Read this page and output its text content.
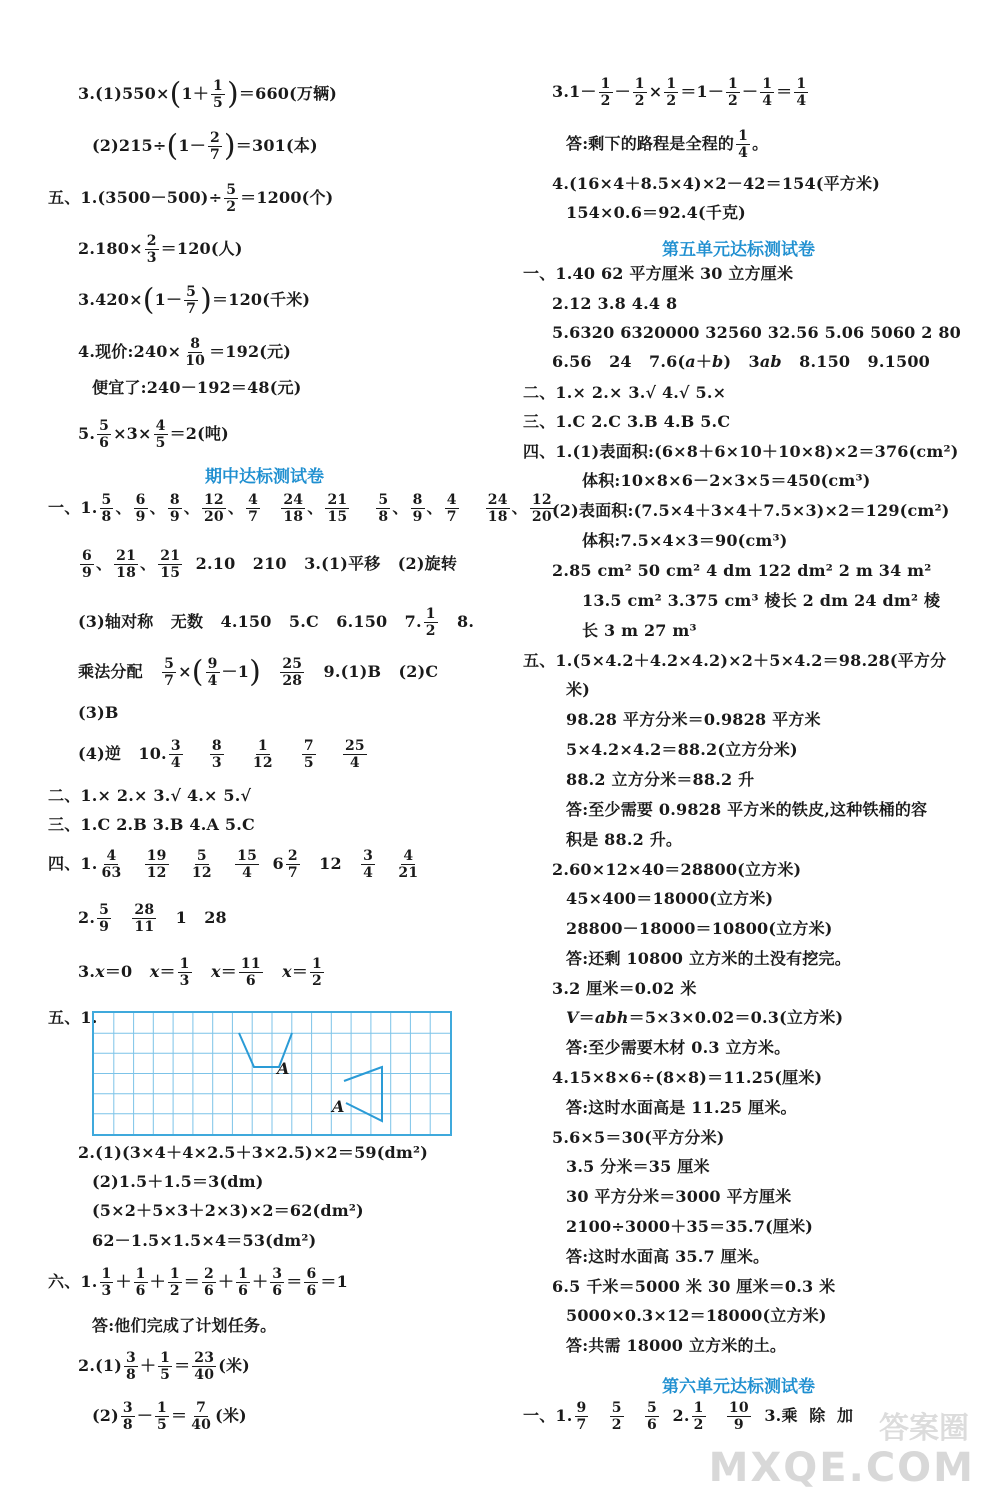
$3.(1)550\times(1+ \frac{1}{5} )=660$(万辆)
$(2)215\div(1- \frac{2}{7} )=301$(本)
五、$1.(3500-500)\div \frac{5}{2} =1200$(个)
$2.180\times \frac{2}{3} =120$(人)
$3.420\times(1- \frac{5}{7} )=120$(千米)
4.现价:240× $\frac{8}{10} =192$(元)
便宜了:240－192＝48(元)
5. $\frac{5}{6} \times 3\times \frac{4}{5} =2$(吨)
期中达标测试卷
一、1. $\frac{5}{8}$ 、 $\frac{6}{9}$ 、 $\frac{8}{9}$ 、 $\frac{12}{20}$ 、 $\frac{4}{7}$
$\frac{24}{18}$ 、 $\frac{21}{15}$
$\frac{5}{8}$ 、 $\frac{8}{9}$ 、 $\frac{4}{7}$
$\frac{24}{18}$ 、 $\frac{12}{20}$
$\frac{6}{9}$ 、 $\frac{21}{18}$ 、 $\frac{21}{15} 2.10$   210   3.(1)平移   (2)旋转
(3)轴对称   无数   4.150   5.C   6.150   7. $\frac{1}{2} 8$.
乘法分配 $\frac{5}{7}$ ×( $\frac{9}{4} -1) \frac{25}{28} 9.(1)B$   (2)C
(3)B
(4)逆   10. $\frac{3}{4}$
$\frac{8}{3}$
$\frac{1}{12}$
$\frac{7}{5}$
$\frac{25}{4}$
二、1.× 2.× 3.√ 4.× 5.√
三、1.C 2.B 3.B 4.A 5.C
四、1. $\frac{4}{63}$
$\frac{19}{12}$
$\frac{5}{12}$
$\frac{15}{4} 6 \frac{2}{7} 12 \frac{3}{4}$
$\frac{4}{21}$
2. $\frac{5}{9}$
$\frac{28}{11} 1$   28
3.x＝0   $x= \frac{1}{3} x= \frac{11}{6} x= \frac{1}{2}$
五、1.
A
A
2.(1)(3×4＋4×2.5＋3×2.5)×2＝59(dm²)
(2)1.5＋1.5＝3(dm)
(5×2＋5×3＋2×3)×2＝62(dm²)
62－1.5×1.5×4＝53(dm²)
六、1. $\frac{1}{3} + \frac{1}{6} + \frac{1}{2} = \frac{2}{6} + \frac{1}{6} + \frac{3}{6} = \frac{6}{6} =1$
答:他们完成了计划任务。
$2.(1) \frac{3}{8} + \frac{1}{5} = \frac{23}{40}$ (米)
$(2) \frac{3}{8} - \frac{1}{5} = \frac{7}{40}$ (米)
$3.1- \frac{1}{2} - \frac{1}{2} \times \frac{1}{2} =1- \frac{1}{2} - \frac{1}{4} = \frac{1}{4}$
答:剩下的路程是全程的 $\frac{1}{4}$ 。
4.(16×4＋8.5×4)×2－42＝154(平方米)
154×0.6＝92.4(千克)
第五单元达标测试卷
一、1.40 62 平方厘米 30 立方厘米
2.12 3.8 4.4 8
5.6320 6320000 32560 32.56 5.06 5060 2 80
6.56   24   7.6(a＋b)   3ab   8.150   9.1500
二、1.× 2.× 3.√ 4.√ 5.×
三、1.C 2.C 3.B 4.B 5.C
四、1.(1)表面积:(6×8＋6×10＋10×8)×2＝376(cm²)
体积:10×8×6－2×3×5＝450(cm³)
(2)表面积:(7.5×4＋3×4＋7.5×3)×2＝129(cm²)
体积:7.5×4×3＝90(cm³)
2.85 cm² 50 cm² 4 dm 122 dm² 2 m 34 m²
13.5 cm² 3.375 cm³ 棱长 2 dm 24 dm² 棱
长 3 m 27 m³
五、1.(5×4.2＋4.2×4.2)×2＋5×4.2＝98.28(平方分
米)
98.28 平方分米＝0.9828 平方米
5×4.2×4.2＝88.2(立方分米)
88.2 立方分米＝88.2 升
答:至少需要 0.9828 平方米的铁皮,这种铁桶的容
积是 88.2 升。
2.60×12×40＝28800(立方米)
45×400＝18000(立方米)
28800－18000＝10800(立方米)
答:还剩 10800 立方米的土没有挖完。
3.2 厘米＝0.02 米
V＝abh＝5×3×0.02＝0.3(立方米)
答:至少需要木材 0.3 立方米。
4.15×8×6÷(8×8)＝11.25(厘米)
答:这时水面高是 11.25 厘米。
5.6×5＝30(平方分米)
3.5 分米＝35 厘米
30 平方分米＝3000 平方厘米
2100÷3000＋35＝35.7(厘米)
答:这时水面高 35.7 厘米。
6.5 千米＝5000 米 30 厘米＝0.3 米
5000×0.3×12＝18000(立方米)
答:共需 18000 立方米的土。
第六单元达标测试卷
一、1. $\frac{9}{7}$
$\frac{5}{2}$
$\frac{5}{6} 2$. $\frac{1}{2}$
$\frac{10}{9} 3$.乘  除  加 答案圈
MXQE.COM
